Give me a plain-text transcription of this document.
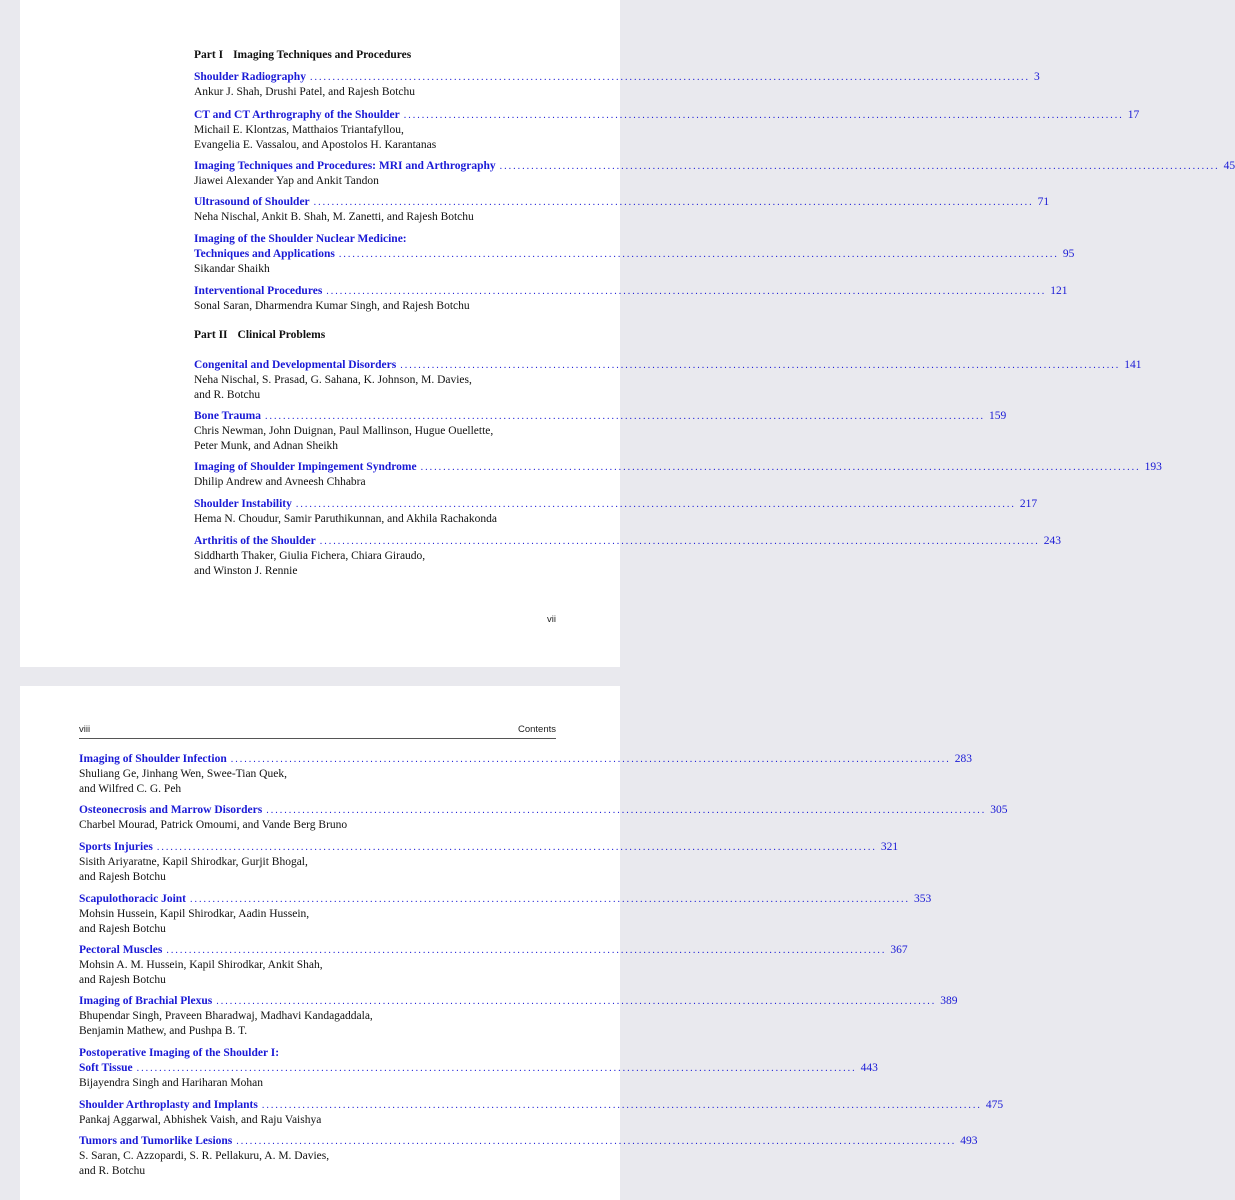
Part I Imaging Techniques and Procedures
Shoulder Radiography ................................................................................................................................................................ 3
Ankur J. Shah, Drushi Patel, and Rajesh Botchu
CT and CT Arthrography of the Shoulder ................................................................................................................................................................ 17
Michail E. Klontzas, Matthaios Triantafyllou,
Evangelia E. Vassalou, and Apostolos H. Karantanas
Imaging Techniques and Procedures: MRI and Arthrography ................................................................................................................................................................ 45
Jiawei Alexander Yap and Ankit Tandon
Ultrasound of Shoulder ................................................................................................................................................................ 71
Neha Nischal, Ankit B. Shah, M. Zanetti, and Rajesh Botchu
Imaging of the Shoulder Nuclear Medicine:
Techniques and Applications ................................................................................................................................................................ 95
Sikandar Shaikh
Interventional Procedures ................................................................................................................................................................ 121
Sonal Saran, Dharmendra Kumar Singh, and Rajesh Botchu
Part II Clinical Problems
Congenital and Developmental Disorders ................................................................................................................................................................ 141
Neha Nischal, S. Prasad, G. Sahana, K. Johnson, M. Davies,
and R. Botchu
Bone Trauma ................................................................................................................................................................ 159
Chris Newman, John Duignan, Paul Mallinson, Hugue Ouellette,
Peter Munk, and Adnan Sheikh
Imaging of Shoulder Impingement Syndrome ................................................................................................................................................................ 193
Dhilip Andrew and Avneesh Chhabra
Shoulder Instability ................................................................................................................................................................ 217
Hema N. Choudur, Samir Paruthikunnan, and Akhila Rachakonda
Arthritis of the Shoulder ................................................................................................................................................................ 243
Siddharth Thaker, Giulia Fichera, Chiara Giraudo,
and Winston J. Rennie
vii
viii	Contents
Imaging of Shoulder Infection ................................................................................................................................................................ 283
Shuliang Ge, Jinhang Wen, Swee-Tian Quek,
and Wilfred C. G. Peh
Osteonecrosis and Marrow Disorders ................................................................................................................................................................ 305
Charbel Mourad, Patrick Omoumi, and Vande Berg Bruno
Sports Injuries ................................................................................................................................................................ 321
Sisith Ariyaratne, Kapil Shirodkar, Gurjit Bhogal,
and Rajesh Botchu
Scapulothoracic Joint ................................................................................................................................................................ 353
Mohsin Hussein, Kapil Shirodkar, Aadin Hussein,
and Rajesh Botchu
Pectoral Muscles ................................................................................................................................................................ 367
Mohsin A. M. Hussein, Kapil Shirodkar, Ankit Shah,
and Rajesh Botchu
Imaging of Brachial Plexus ................................................................................................................................................................ 389
Bhupendar Singh, Praveen Bharadwaj, Madhavi Kandagaddala,
Benjamin Mathew, and Pushpa B. T.
Postoperative Imaging of the Shoulder I:
Soft Tissue ................................................................................................................................................................ 443
Bijayendra Singh and Hariharan Mohan
Shoulder Arthroplasty and Implants ................................................................................................................................................................ 475
Pankaj Aggarwal, Abhishek Vaish, and Raju Vaishya
Tumors and Tumorlike Lesions ................................................................................................................................................................ 493
S. Saran, C. Azzopardi, S. R. Pellakuru, A. M. Davies,
and R. Botchu
